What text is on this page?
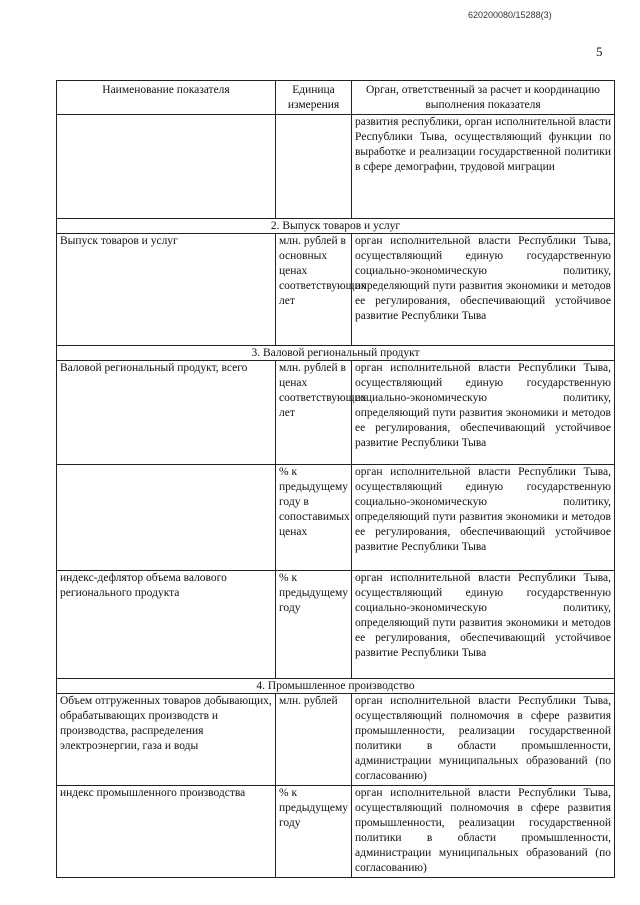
620200080/15288(3)
5
Наименование показателя	Единица измерения	Орган, ответственный за расчет и координацию выполнения показателя
		развития республики, орган исполнительной власти Республики Тыва, осуществляющий функции по выработке и реализации государственной политики в сфере демографии, трудовой миграции
2. Выпуск товаров и услуг		
Выпуск товаров и услуг	млн. рублей в основных ценах соответствующих лет	орган исполнительной власти Республики Тыва, осуществляющий единую государственную социально-экономическую политику, определяющий пути развития экономики и методов ее регулирования, обеспечивающий устойчивое развитие Республики Тыва
3. Валовой региональный продукт		
Валовой региональный продукт, всего	млн. рублей в ценах соответствующих лет	орган исполнительной власти Республики Тыва, осуществляющий единую государственную социально-экономическую политику, определяющий пути развития экономики и методов ее регулирования, обеспечивающий устойчивое развитие Республики Тыва
	% к предыдущему году в сопоставимых ценах	орган исполнительной власти Республики Тыва, осуществляющий единую государственную социально-экономическую политику, определяющий пути развития экономики и методов ее регулирования, обеспечивающий устойчивое развитие Республики Тыва
индекс-дефлятор объема валового регионального продукта	% к предыдущему году	орган исполнительной власти Республики Тыва, осуществляющий единую государственную социально-экономическую политику, определяющий пути развития экономики и методов ее регулирования, обеспечивающий устойчивое развитие Республики Тыва
4. Промышленное производство		
Объем отгруженных товаров добывающих, обрабатывающих производств и производства, распределения электроэнергии, газа и воды	млн. рублей	орган исполнительной власти Республики Тыва, осуществляющий полномочия в сфере развития промышленности, реализации государственной политики в области промышленности, администрации муниципальных образований (по согласованию)
индекс промышленного производства	% к предыдущему году	орган исполнительной власти Республики Тыва, осуществляющий полномочия в сфере развития промышленности, реализации государственной политики в области промышленности, администрации муниципальных образований (по согласованию)
